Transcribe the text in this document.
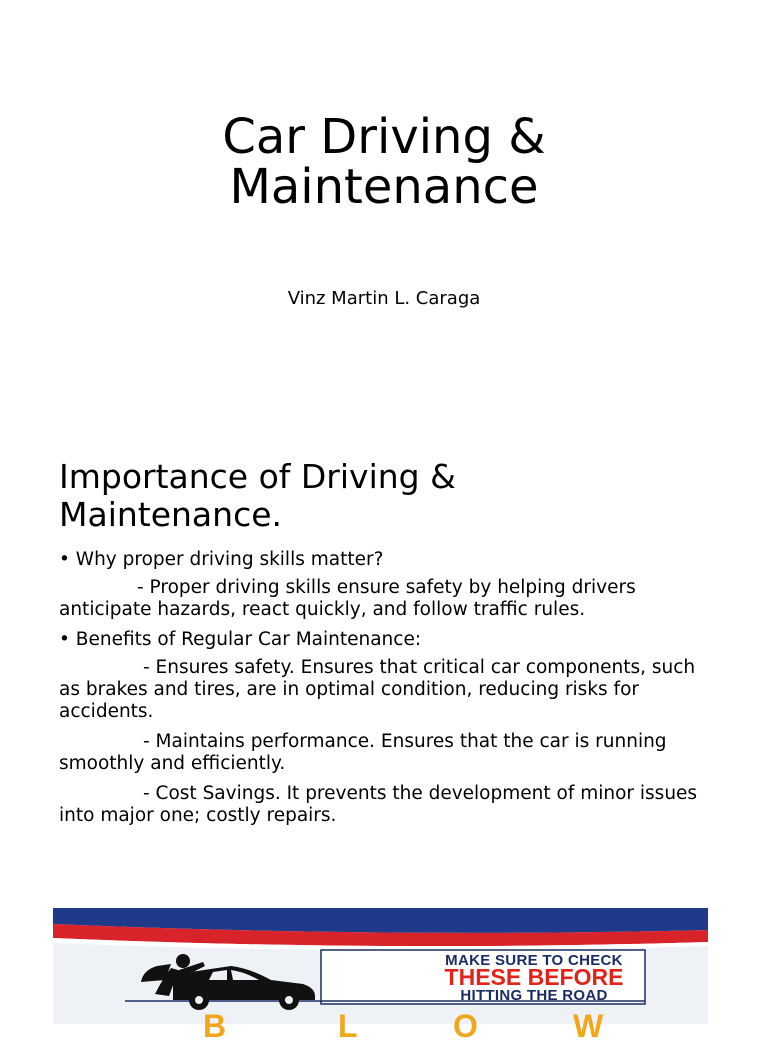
Car Driving &
Maintenance
Vinz Martin L. Caraga
Importance of Driving &
Maintenance.
• Why proper driving skills matter?
- Proper driving skills ensure safety by helping drivers anticipate hazards, react quickly, and follow traffic rules.
• Benefits of Regular Car Maintenance:
- Ensures safety. Ensures that critical car components, such as brakes and tires, are in optimal condition, reducing risks for accidents.
- Maintains performance. Ensures that the car is running smoothly and efficiently.
- Cost Savings. It prevents the development of minor issues into major one; costly repairs.
MAKE SURE TO CHECK
THESE BEFORE
HITTING THE ROAD
B	L	O	W
